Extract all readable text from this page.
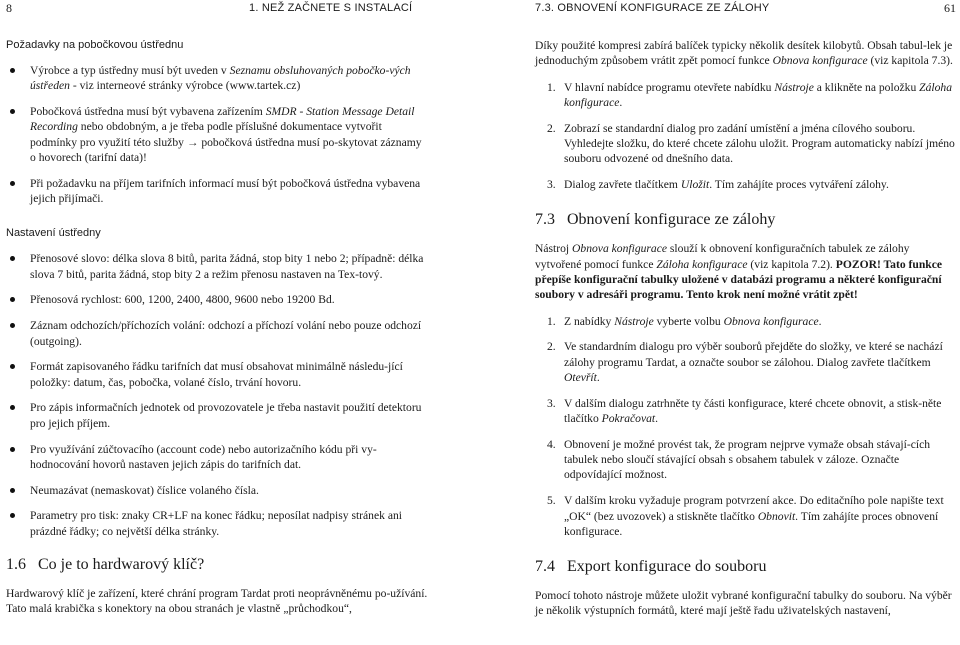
8	1. NEŽ ZAČNETE S INSTALACÍ	7.3. OBNOVENÍ KONFIGURACE ZE ZÁLOHY	61
Požadavky na pobočkovou ústřednu
Výrobce a typ ústředny musí být uveden v Seznamu obsluhovaných pobočko-vých ústředen - viz interneové stránky výrobce (www.tartek.cz)
Pobočková ústředna musí být vybavena zařízením SMDR - Station Message Detail Recording nebo obdobným, a je třeba podle příslušné dokumentace vytvořit podmínky pro využití této služby → pobočková ústředna musí po-skytovat záznamy o hovorech (tarifní data)!
Při požadavku na příjem tarifních informací musí být pobočková ústředna vybavena jejich přijímači.
Nastavení ústředny
Přenosové slovo: délka slova 8 bitů, parita žádná, stop bity 1 nebo 2; případně: délka slova 7 bitů, parita žádná, stop bity 2 a režim přenosu nastaven na Tex-tový.
Přenosová rychlost: 600, 1200, 2400, 4800, 9600 nebo 19200 Bd.
Záznam odchozích/příchozích volání: odchozí a příchozí volání nebo pouze odchozí (outgoing).
Formát zapisovaného řádku tarifních dat musí obsahovat minimálně následu-jící položky: datum, čas, pobočka, volané číslo, trvání hovoru.
Pro zápis informačních jednotek od provozovatele je třeba nastavit použití detektoru pro jejich příjem.
Pro využívání zúčtovacího (account code) nebo autorizačního kódu při vy-hodnocování hovorů nastaven jejich zápis do tarifních dat.
Neumazávat (nemaskovat) číslice volaného čísla.
Parametry pro tisk: znaky CR+LF na konec řádku; neposílat nadpisy stránek ani prázdné řádky; co největší délka stránky.
1.6 Co je to hardwarový klíč?
Hardwarový klíč je zařízení, které chrání program Tardat proti neoprávněnému po-užívání. Tato malá krabička s konektory na obou stranách je vlastně „průchodkou“,
Díky použité kompresi zabírá balíček typicky několik desítek kilobytů. Obsah tabul-lek je jednoduchým způsobem vrátit zpět pomocí funkce Obnova konfigurace (viz kapitola 7.3).
1. V hlavní nabídce programu otevřete nabídku Nástroje a klikněte na položku Záloha konfigurace.
2. Zobrazí se standardní dialog pro zadání umístění a jména cílového souboru. Vyhledejte složku, do které chcete zálohu uložit. Program automaticky nabízí jméno souboru odvozené od dnešního data.
3. Dialog zavřete tlačítkem Uložit. Tím zahájíte proces vytváření zálohy.
7.3 Obnovení konfigurace ze zálohy
Nástroj Obnova konfigurace slouží k obnovení konfiguračních tabulek ze zálohy vytvořené pomocí funkce Záloha konfigurace (viz kapitola 7.2). POZOR! Tato funkce přepíše konfigurační tabulky uložené v databázi programu a některé konfigurační soubory v adresáři programu. Tento krok není možné vrátit zpět!
1. Z nabídky Nástroje vyberte volbu Obnova konfigurace.
2. Ve standardním dialogu pro výběr souborů přejděte do složky, ve které se nachází zálohy programu Tardat, a označte soubor se zálohou. Dialog zavřete tlačítkem Otevřít.
3. V dalším dialogu zatrhněte ty části konfigurace, které chcete obnovit, a stisk-něte tlačítko Pokračovat.
4. Obnovení je možné provést tak, že program nejprve vymaže obsah stávají-cích tabulek nebo sloučí stávající obsah s obsahem tabulek v záloze. Označte odpovídající možnost.
5. V dalším kroku vyžaduje program potvrzení akce. Do editačního pole napište text „OK“ (bez uvozovek) a stiskněte tlačítko Obnovit. Tím zahájíte proces obnovení konfigurace.
7.4 Export konfigurace do souboru
Pomocí tohoto nástroje můžete uložit vybrané konfigurační tabulky do souboru. Na výběr je několik výstupních formátů, které mají ještě řadu uživatelských nastavení,
